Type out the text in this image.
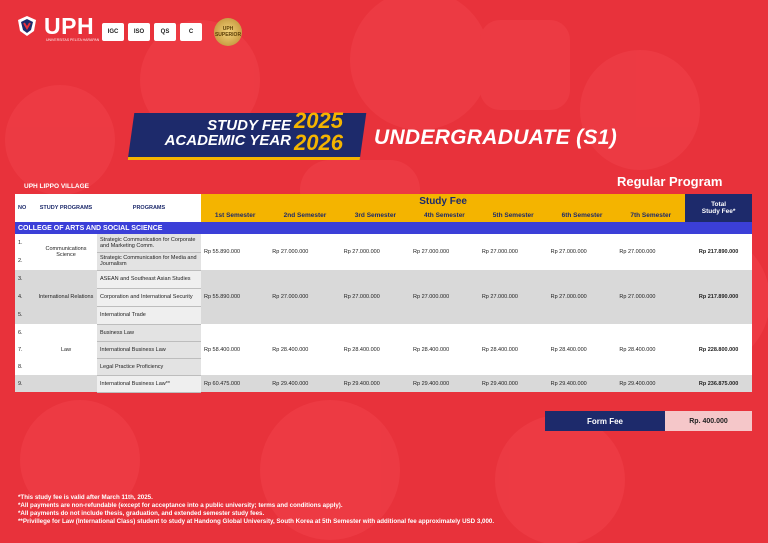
UPH
UNIVERSITAS PELITA HARAPAN
IGC	ISO	QS	C	UPH SUPERIOR
STUDY FEE
ACADEMIC YEAR
2025
2026 UNDERGRADUATE (S1)
UPH LIPPO VILLAGE	Regular Program
NO	STUDY PROGRAMS	PROGRAMS	Study Fee							Total
Study Fee*

			1st Semester	2nd Semester	3rd Semester	4th Semester	5th Semester	6th Semester	7th Semester	
COLLEGE OF ARTS AND SOCIAL SCIENCE										
1.	Communications Science	Strategic Communication for Corporate and Marketing Comm.	Rp 55.890.000	Rp 27.000.000	Rp 27.000.000	Rp 27.000.000	Rp 27.000.000	Rp 27.000.000	Rp 27.000.000	Rp 217.890.000
2.		Strategic Communication for Media and Journalism								
3.	International Relations	ASEAN and Southeast Asian Studies	Rp 55.890.000	Rp 27.000.000	Rp 27.000.000	Rp 27.000.000	Rp 27.000.000	Rp 27.000.000	Rp 27.000.000	Rp 217.890.000
4.		Corporation and International Security								
5.		International Trade								
6.	Law	Business Law	Rp 58.400.000	Rp 28.400.000	Rp 28.400.000	Rp 28.400.000	Rp 28.400.000	Rp 28.400.000	Rp 28.400.000	Rp 228.800.000
7.		International Business Law								
8.		Legal Practice Proficiency								
9.		International Business Law**	Rp 60.475.000	Rp 29.400.000	Rp 29.400.000	Rp 29.400.000	Rp 29.400.000	Rp 29.400.000	Rp 29.400.000	Rp 236.875.000
Form Fee	Rp. 400.000
*This study fee is valid after March 11th, 2025.
*All payments are non-refundable (except for acceptance into a public university; terms and conditions apply).
*All payments do not include thesis, graduation, and extended semester study fees.
**Privillege for Law (International Class) student to study at Handong Global University, South Korea at 5th Semester with additional fee approximately USD 3,000.
